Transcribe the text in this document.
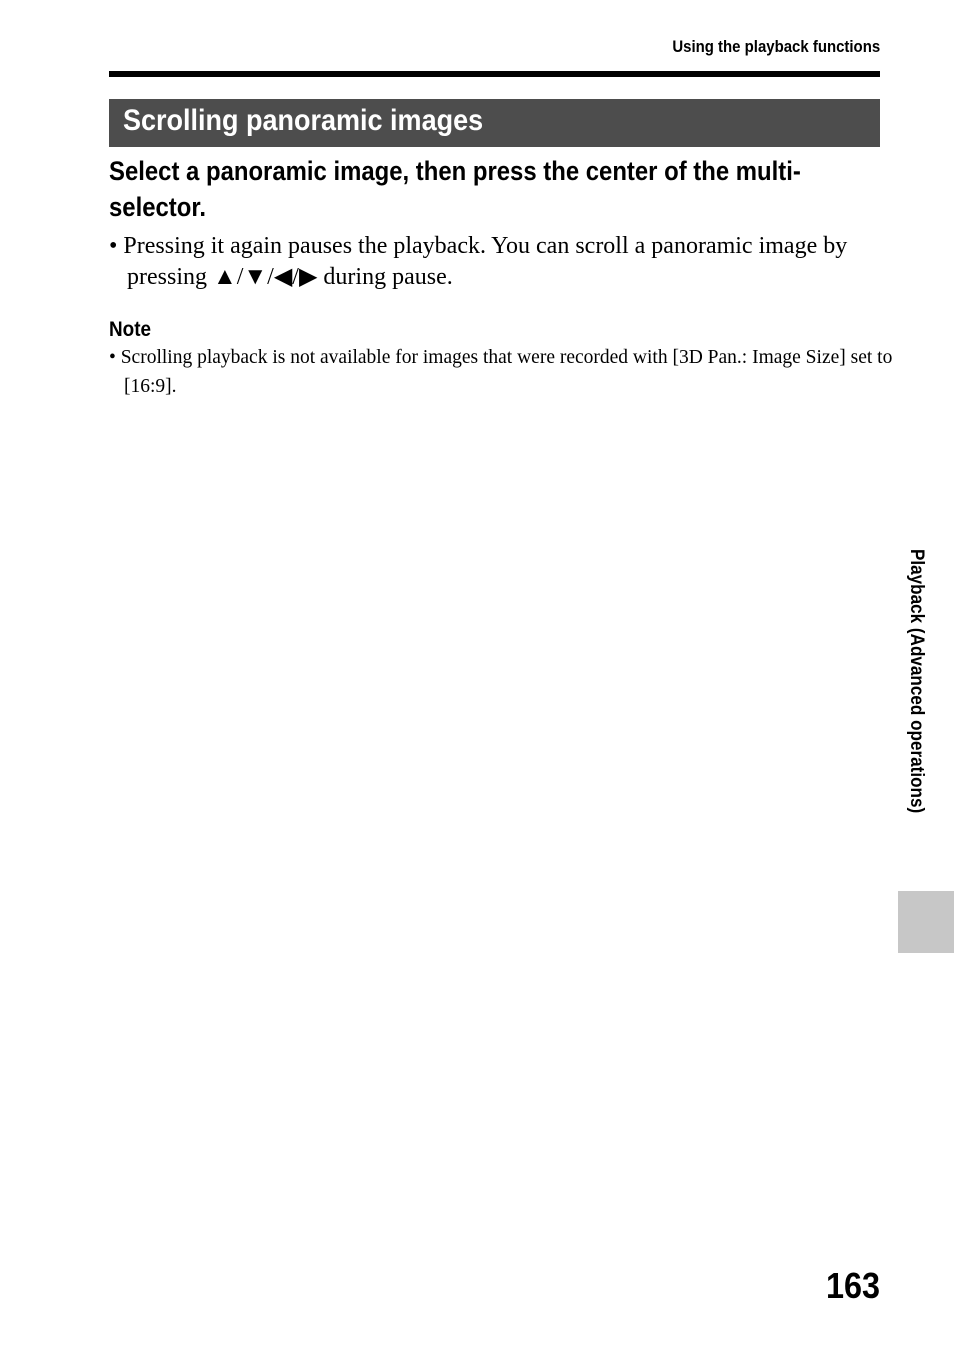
Using the playback functions
Scrolling panoramic images
Select a panoramic image, then press the center of the multi-selector.
• Pressing it again pauses the playback. You can scroll a panoramic image by pressing ▲/▼/◀/▶ during pause.
Note
• Scrolling playback is not available for images that were recorded with [3D Pan.: Image Size] set to [16:9].
Playback (Advanced operations)
163
